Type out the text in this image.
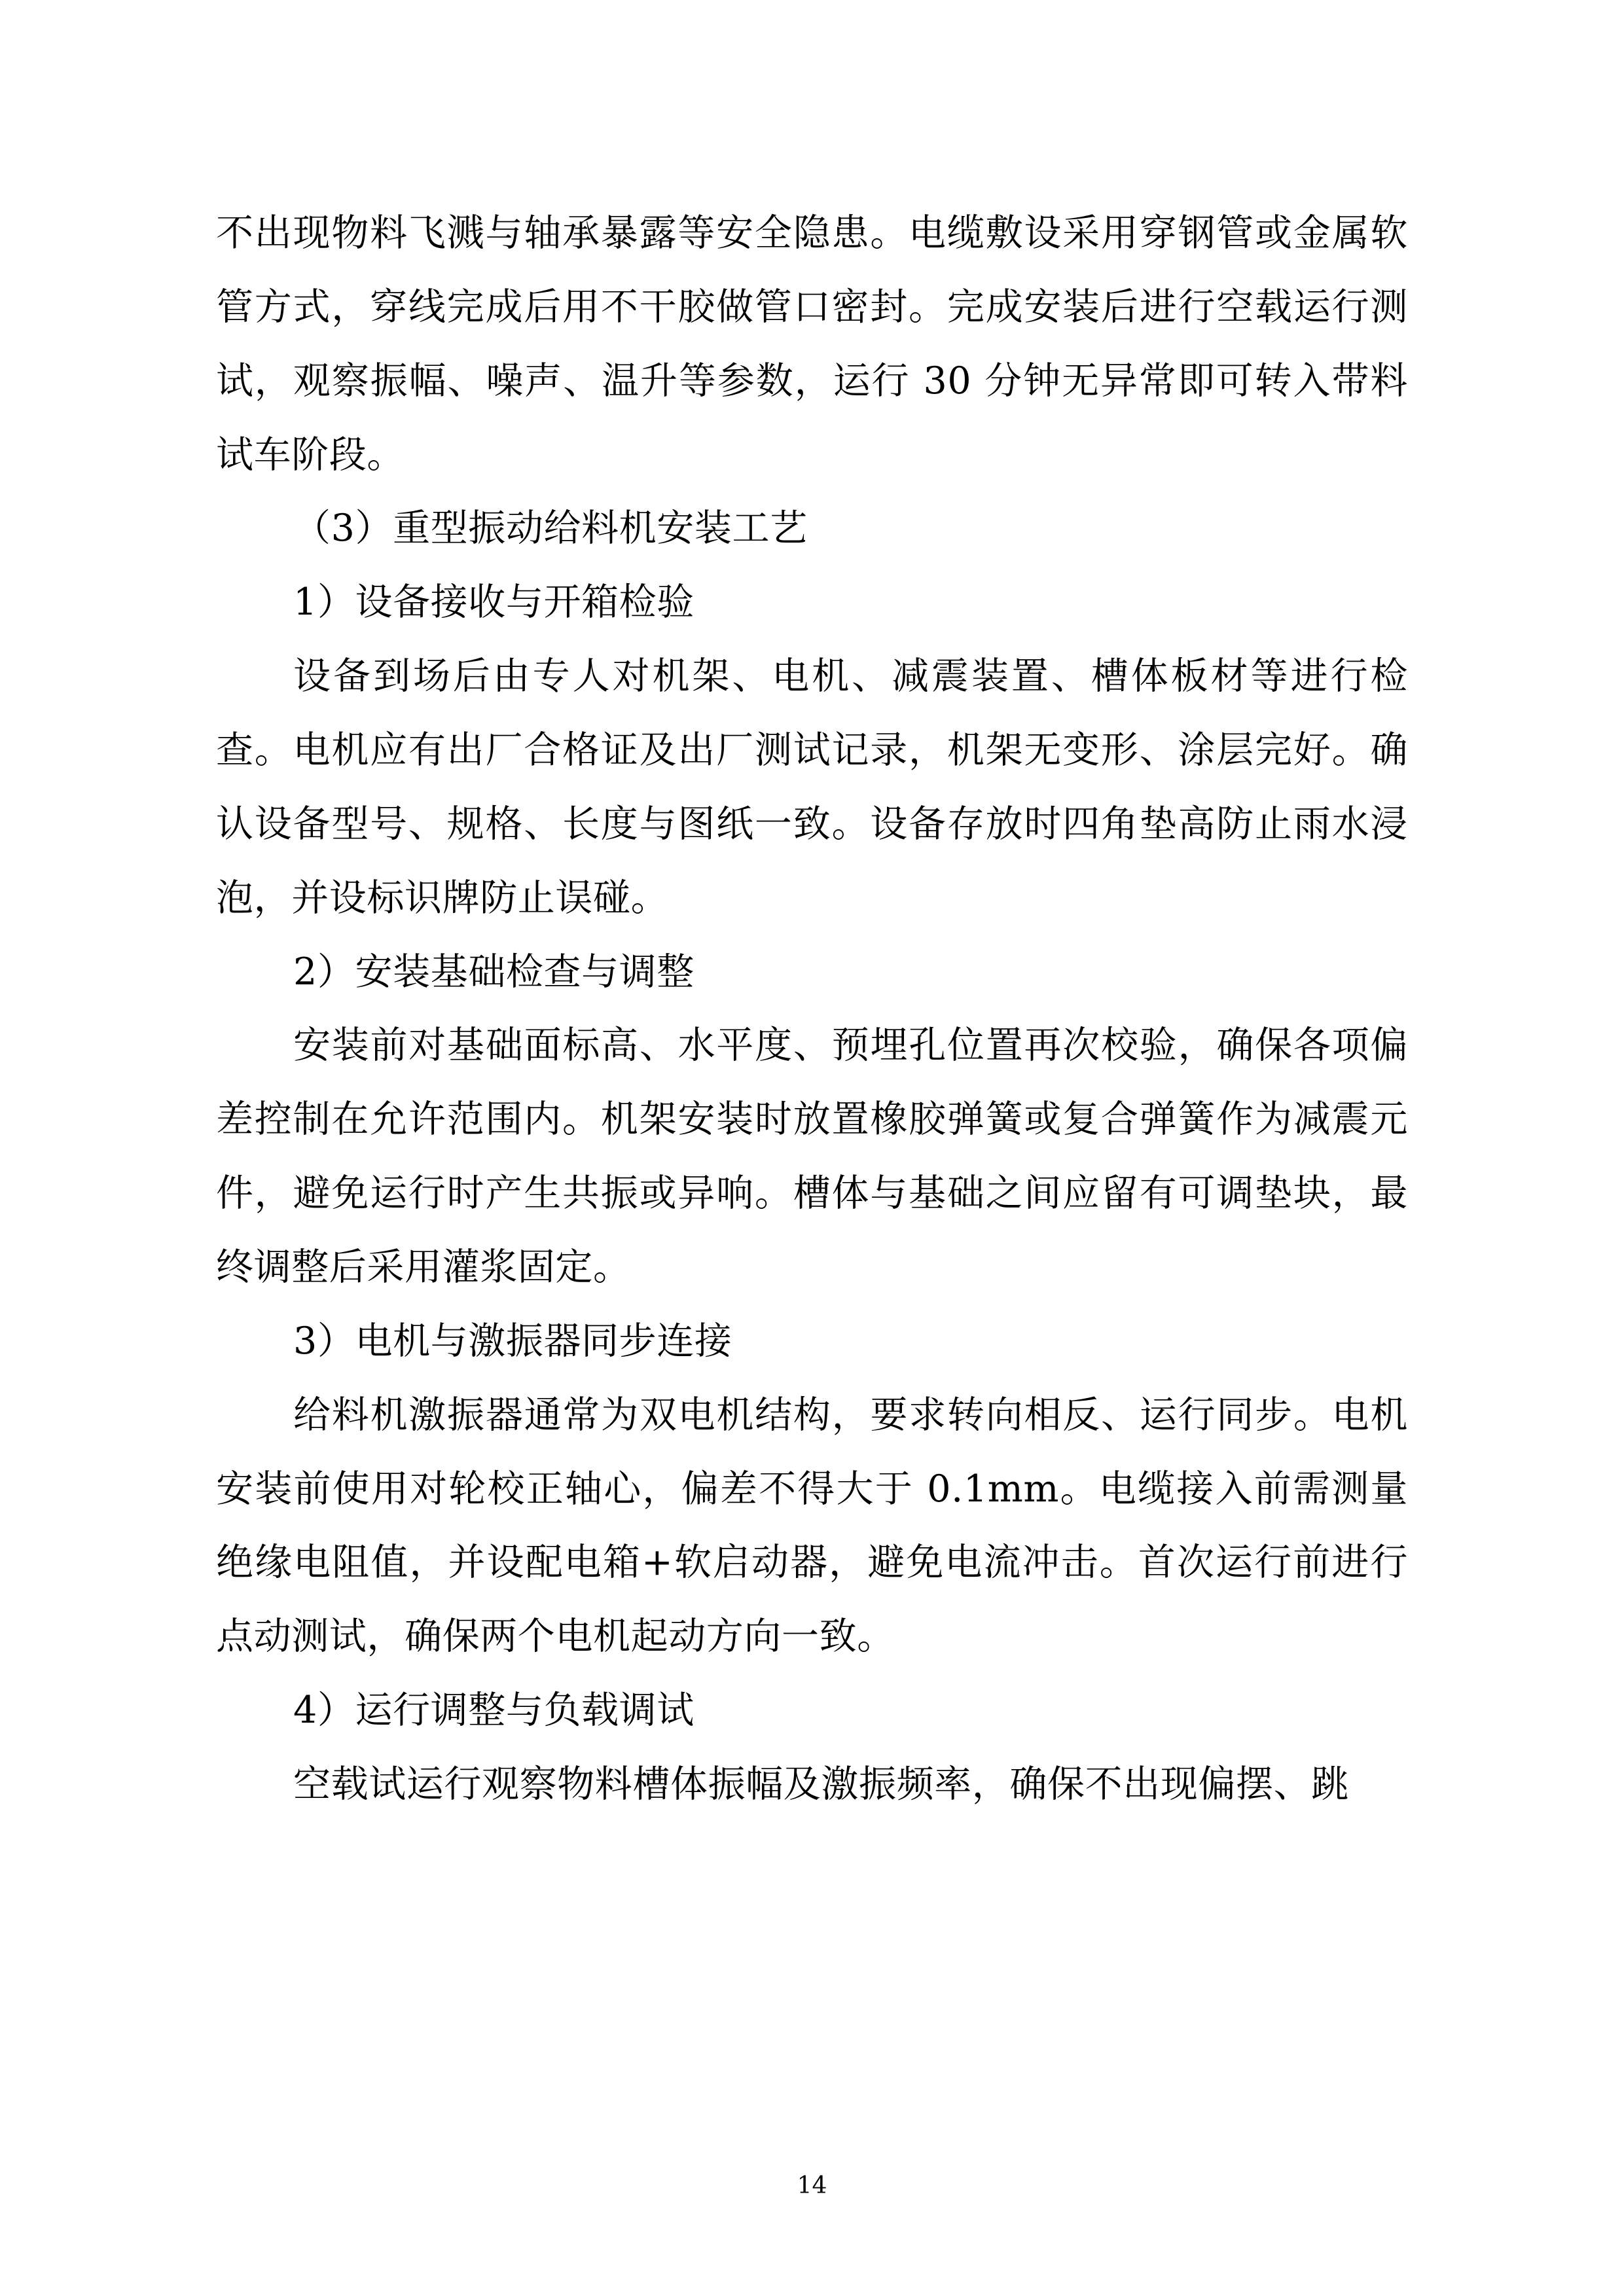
不出现物料飞溅与轴承暴露等安全隐患。电缆敷设采用穿钢管或金属软管方式，穿线完成后用不干胶做管口密封。完成安装后进行空载运行测试，观察振幅、噪声、温升等参数，运行 30 分钟无异常即可转入带料试车阶段。

（3）重型振动给料机安装工艺

1）设备接收与开箱检验

设备到场后由专人对机架、电机、减震装置、槽体板材等进行检查。电机应有出厂合格证及出厂测试记录，机架无变形、涂层完好。确认设备型号、规格、长度与图纸一致。设备存放时四角垫高防止雨水浸泡，并设标识牌防止误碰。

2）安装基础检查与调整

安装前对基础面标高、水平度、预埋孔位置再次校验，确保各项偏差控制在允许范围内。机架安装时放置橡胶弹簧或复合弹簧作为减震元件，避免运行时产生共振或异响。槽体与基础之间应留有可调垫块，最终调整后采用灌浆固定。

3）电机与激振器同步连接

给料机激振器通常为双电机结构，要求转向相反、运行同步。电机安装前使用对轮校正轴心，偏差不得大于 0.1mm。电缆接入前需测量绝缘电阻值，并设配电箱+软启动器，避免电流冲击。首次运行前进行点动测试，确保两个电机起动方向一致。

4）运行调整与负载调试

空载试运行观察物料槽体振幅及激振频率，确保不出现偏摆、跳

14
